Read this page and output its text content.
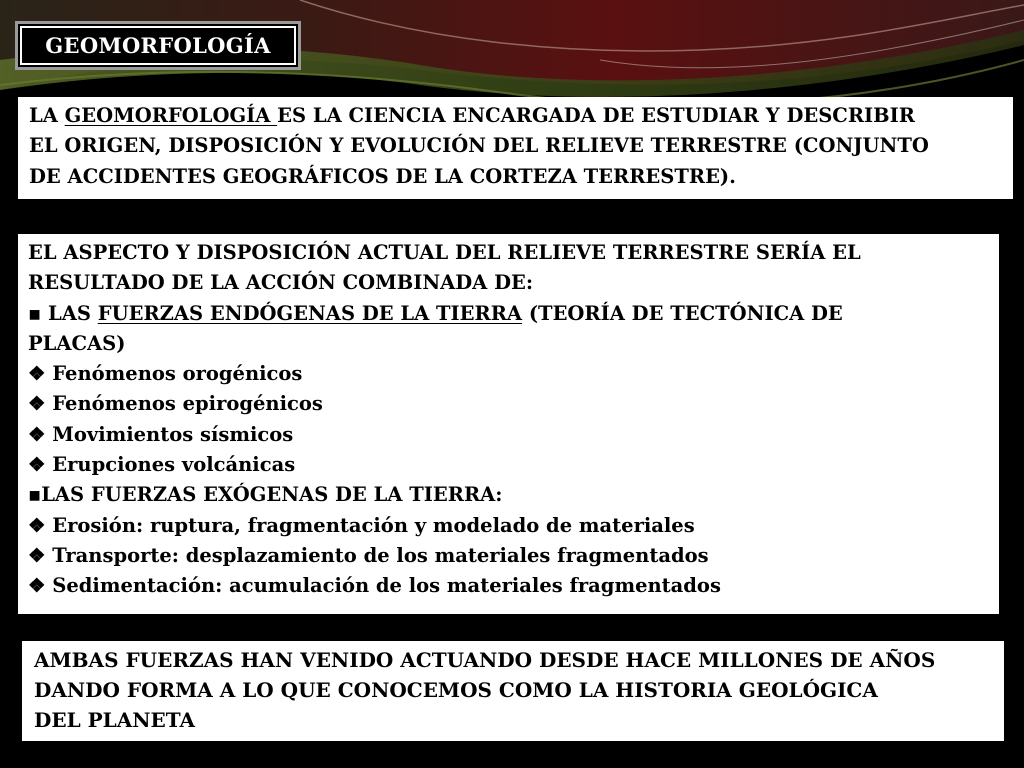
GEOMORFOLOGÍA
LA GEOMORFOLOGÍA ES LA CIENCIA ENCARGADA DE ESTUDIAR Y DESCRIBIR
EL ORIGEN, DISPOSICIÓN Y EVOLUCIÓN DEL RELIEVE TERRESTRE (CONJUNTO
DE ACCIDENTES GEOGRÁFICOS DE LA CORTEZA TERRESTRE).
EL ASPECTO Y DISPOSICIÓN ACTUAL DEL RELIEVE TERRESTRE SERÍA EL
RESULTADO DE LA ACCIÓN COMBINADA DE:
▪ LAS FUERZAS ENDÓGENAS DE LA TIERRA (TEORÍA DE TECTÓNICA DE
PLACAS)
❖ Fenómenos orogénicos
❖ Fenómenos epirogénicos
❖ Movimientos sísmicos
❖ Erupciones volcánicas
▪LAS FUERZAS EXÓGENAS DE LA TIERRA:
❖ Erosión: ruptura, fragmentación y modelado de materiales
❖ Transporte: desplazamiento de los materiales fragmentados
❖ Sedimentación: acumulación de los materiales fragmentados
AMBAS FUERZAS HAN VENIDO ACTUANDO DESDE HACE MILLONES DE AÑOS
DANDO FORMA A LO QUE CONOCEMOS COMO LA HISTORIA GEOLÓGICA
DEL PLANETA
